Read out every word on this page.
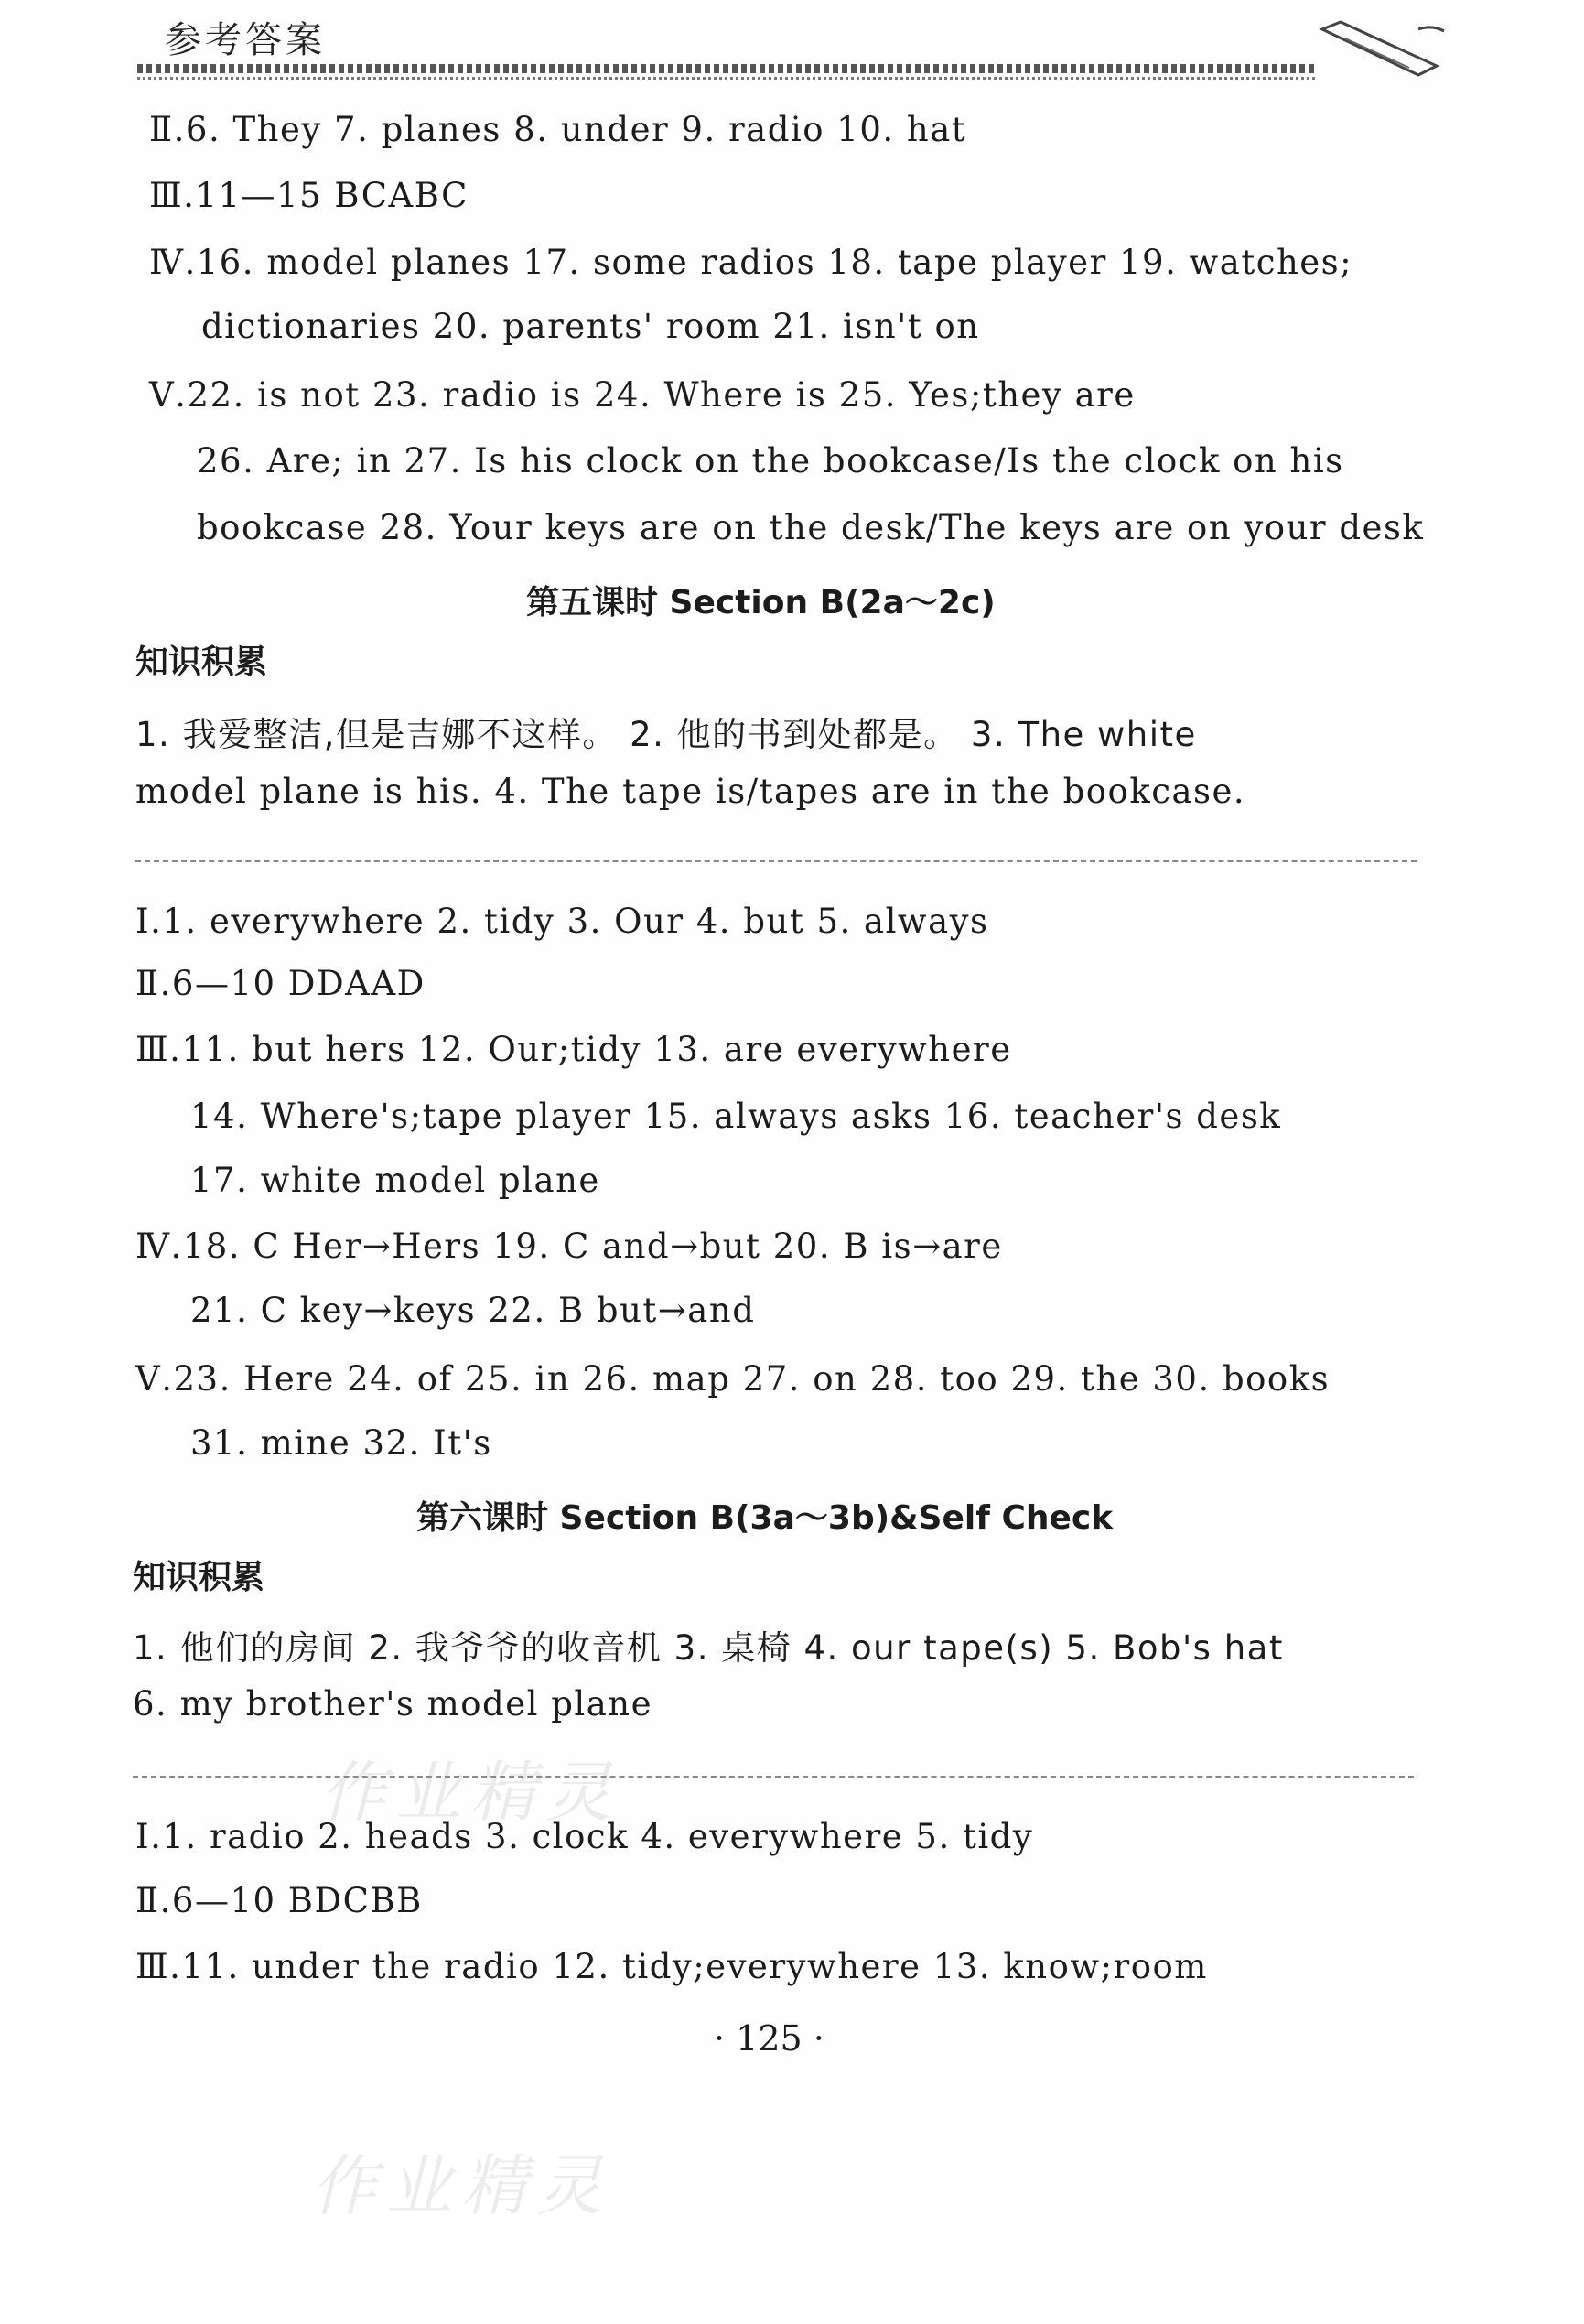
参考答案
Ⅱ.6. They 7. planes 8. under 9. radio 10. hat
Ⅲ.11—15 BCABC
Ⅳ.16. model planes 17. some radios 18. tape player 19. watches;
dictionaries 20. parents' room 21. isn't on
Ⅴ.22. is not 23. radio is 24. Where is 25. Yes;they are
26. Are; in 27. Is his clock on the bookcase/Is the clock on his
bookcase 28. Your keys are on the desk/The keys are on your desk
第五课时 Section B(2a～2c)
知识积累
1. 我爱整洁,但是吉娜不这样。 2. 他的书到处都是。 3. The white
model plane is his. 4. The tape is/tapes are in the bookcase.
Ⅰ.1. everywhere 2. tidy 3. Our 4. but 5. always
Ⅱ.6—10 DDAAD
Ⅲ.11. but hers 12. Our;tidy 13. are everywhere
14. Where's;tape player 15. always asks 16. teacher's desk
17. white model plane
Ⅳ.18. C Her→Hers 19. C and→but 20. B is→are
21. C key→keys 22. B but→and
Ⅴ.23. Here 24. of 25. in 26. map 27. on 28. too 29. the 30. books
31. mine 32. It's
第六课时 Section B(3a～3b)&Self Check
知识积累
1. 他们的房间 2. 我爷爷的收音机 3. 桌椅 4. our tape(s) 5. Bob's hat
6. my brother's model plane
Ⅰ.1. radio 2. heads 3. clock 4. everywhere 5. tidy
Ⅱ.6—10 BDCBB
Ⅲ.11. under the radio 12. tidy;everywhere 13. know;room
· 125 ·
作业精灵
作业精灵
